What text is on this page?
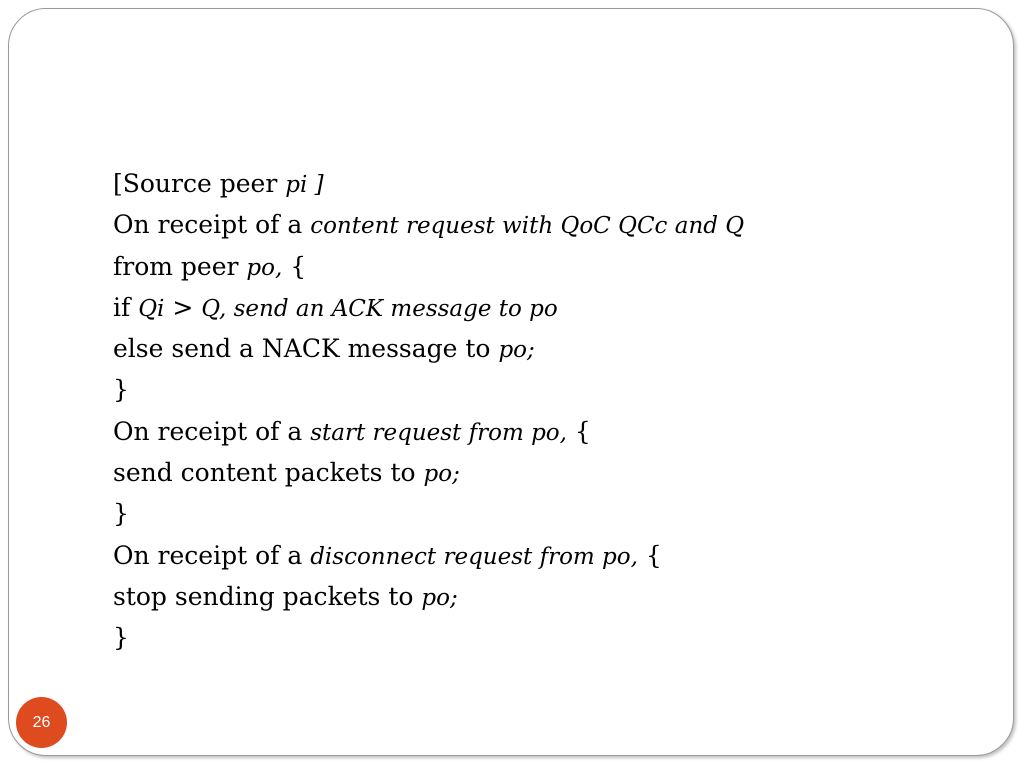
[Source peer pi ]
On receipt of a content request with QoC QCc and Q
from peer po, {
if Qi > Q, send an ACK message to po
else send a NACK message to po;
}
On receipt of a start request from po, {
send content packets to po;
}
On receipt of a disconnect request from po, {
stop sending packets to po;
}
26
